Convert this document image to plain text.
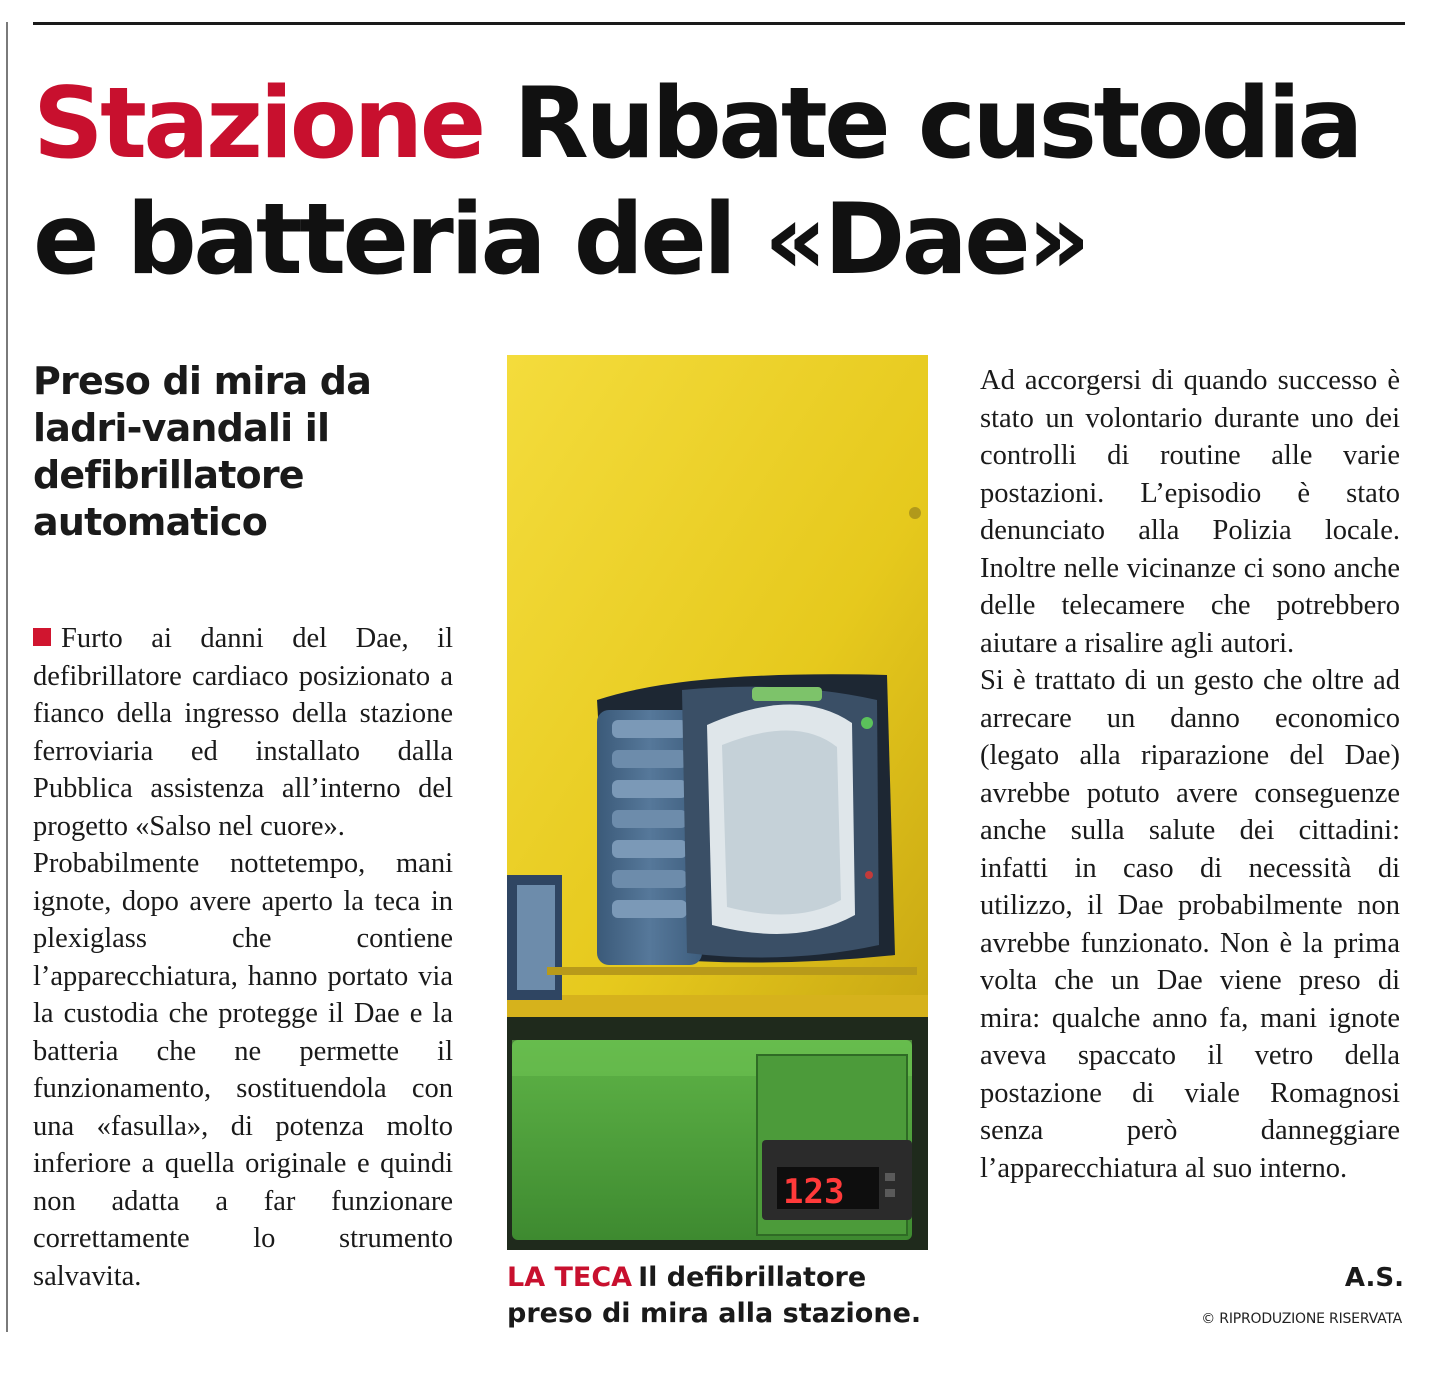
Stazione Rubate custodia
e batteria del «Dae»
Preso di mira da ladri-vandali il defibrillatore automatico

Furto ai danni del Dae, il defibrillatore cardiaco posizionato a fianco della ingresso della stazione ferroviaria ed installato dalla Pubblica assistenza all’interno del progetto «Salso nel cuore».

Probabilmente nottetempo, mani ignote, dopo avere aperto la teca in plexiglass che contiene l’apparecchiatura, hanno portato via la custodia che protegge il Dae e la batteria che ne permette il funzionamento, sostituendola con una «fasulla», di potenza molto inferiore a quella originale e quindi non adatta a far funzionare correttamente lo strumento salvavita.

123

LA TECA Il defibrillatore preso di mira alla stazione.

Ad accorgersi di quando successo è stato un volontario durante uno dei controlli di routine alle varie postazioni. L’episodio è stato denunciato alla Polizia locale. Inoltre nelle vicinanze ci sono anche delle telecamere che potrebbero aiutare a risalire agli autori.

Si è trattato di un gesto che oltre ad arrecare un danno economico (legato alla riparazione del Dae) avrebbe potuto avere conseguenze anche sulla salute dei cittadini: infatti in caso di necessità di utilizzo, il Dae probabilmente non avrebbe funzionato. Non è la prima volta che un Dae viene preso di mira: qualche anno fa, mani ignote aveva spaccato il vetro della postazione di viale Romagnosi senza però danneggiare l’apparecchiatura al suo interno.

A.S.

© RIPRODUZIONE RISERVATA
